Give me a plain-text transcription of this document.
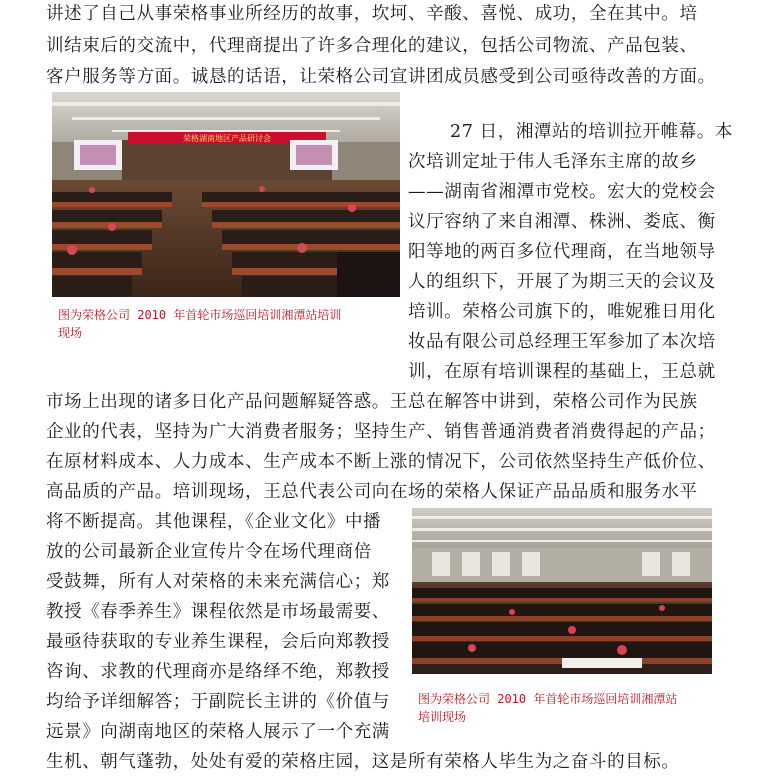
讲述了自己从事荣格事业所经历的故事，坎坷、辛酸、喜悦、成功，全在其中。培
训结束后的交流中，代理商提出了许多合理化的建议，包括公司物流、产品包装、
客户服务等方面。诚恳的话语，让荣格公司宣讲团成员感受到公司亟待改善的方面。
荣格湖南地区产品研讨会
图为荣格公司 2010 年首轮市场巡回培训湘潭站培训
现场
27 日，湘潭站的培训拉开帷幕。本
次培训定址于伟人毛泽东主席的故乡
——湖南省湘潭市党校。宏大的党校会
议厅容纳了来自湘潭、株洲、娄底、衡
阳等地的两百多位代理商，在当地领导
人的组织下，开展了为期三天的会议及
培训。荣格公司旗下的，唯妮雅日用化
妆品有限公司总经理王军参加了本次培
训，在原有培训课程的基础上，王总就
市场上出现的诸多日化产品问题解疑答惑。王总在解答中讲到，荣格公司作为民族
企业的代表，坚持为广大消费者服务；坚持生产、销售普通消费者消费得起的产品；
在原材料成本、人力成本、生产成本不断上涨的情况下，公司依然坚持生产低价位、
高品质的产品。培训现场，王总代表公司向在场的荣格人保证产品品质和服务水平
将不断提高。其他课程，《企业文化》中播
放的公司最新企业宣传片令在场代理商倍
受鼓舞，所有人对荣格的未来充满信心；郑
教授《春季养生》课程依然是市场最需要、
最亟待获取的专业养生课程，会后向郑教授
咨询、求教的代理商亦是络绎不绝，郑教授
均给予详细解答；于副院长主讲的《价值与
远景》向湖南地区的荣格人展示了一个充满
图为荣格公司 2010 年首轮市场巡回培训湘潭站
培训现场
生机、朝气蓬勃，处处有爱的荣格庄园，这是所有荣格人毕生为之奋斗的目标。
